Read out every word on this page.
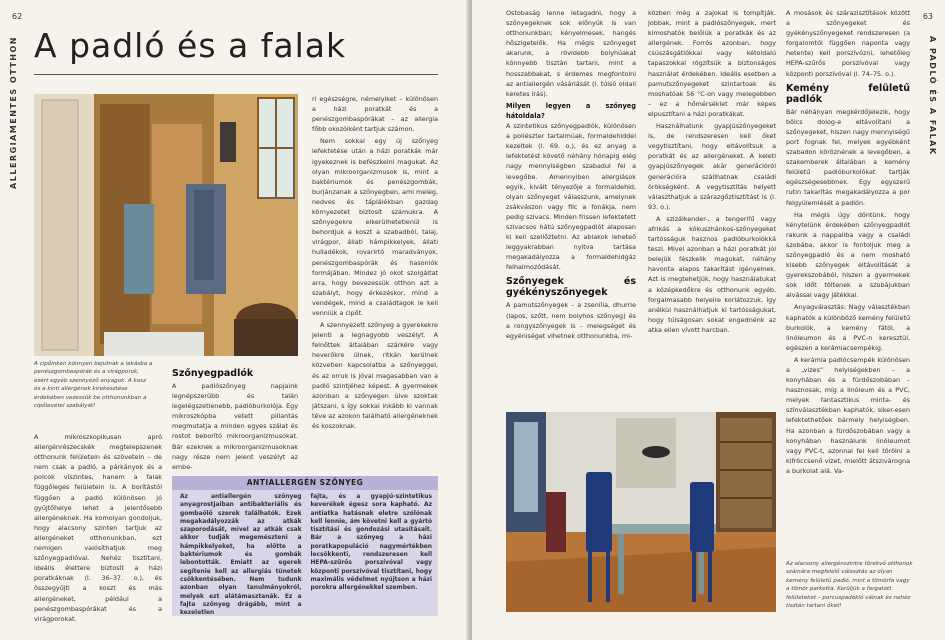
62
ALLERGIAMENTES OTTHON A padló és a falak
A cipőinken könnyen bejutnak a lakásba a penészgombaspórák és a virágporok, ezért egyéb szennyező anyagok. A kosz és a kinti allergének kirekesztése érdekében vezessük be otthonunkban a cipőlevétel szabályát!

A mikroszkopikusan apró allergénrészecskék megtelepszenek otthonunk felületein és szövetein – de nem csak a padló, a párkányok és a polcok víszintes, hanem a falak függőleges felületein is. A borítástól függően a padló különösen jó gyűjtőhelye lehet a jelentősebb allergéneknek. Ha komolyan gondoljuk, hogy alacsony szinten tartjuk az allergéneket otthonunkban, ezt nemigen valósíthatjuk meg szőnyegpadlóval. Nehéz tisztítani, ideális élettere biztosít a házi poratkáknak (l. 36–37. o.), és összegyűjti a koszt és más allergéneket, például a penészgombaspórákat és a virágporokat.

Szőnyegpadlók

A padlószőnyeg napjaink legnépszerűbb és talán legelégszetlenebb, padlóburkolója. Egy mikroszkópba vetett pillantás megmutatja a minden egyes szálat és rostot beborító mikroorganizmusokat. Bár ezeknek a mikroorganizmusoknak nagy része nem jelent veszélyt az embe-

ri egészségre, némelyiket – különösen a házi poratkát és a penészgombaspórákat – az allergia főbb okozóiként tartjuk számon.

Nem sokkal egy új szőnyeg lefektetése után a házi poratkák már igyekeznek is befészkelni magukat. Az olyan mikroorganizmusok is, mint a baktériumok és penészgombák, burjánzanak a szőnyegben, ami meleg, nedves és táplálékban gazdag környezetet biztosít számukra. A szőnyegekre elkerülhetetlenül is behordjuk a koszt a szabadból, talaj, virágpor, állati hámpikkelyek, állati hulladékok, rovarirtó maradványok, penészgombaspórák és hasonlók formájában. Mindez jó okot szolgáltat arra, hogy bevezessük otthon azt a szabályt, hogy érkezéskor, mind a vendégek, mind a családtagok le kell venniük a cipőt.

A szennyezett szőnyeg a gyerekekre jelenti a legnagyobb veszélyt. A felnőttek általában szárkére vagy heverőkre ülnek, ritkán kerülnek közvetlen kapcsolatba a szőnyeggel, és az orruk is jóval magasabban van a padló szintjéhez képest. A gyermekek azonban a szőnyegen ülve szoktak játszani, s így sokkal inkább ki vannak téve az azokon található allergéneknek és koszoknak.

ANTIALLERGÉN SZŐNYEG
Az antiallergén szőnyeg anyagrostjaiban antibakteriális és gombaölő szerek találhatók. Ezek megakadályozzák az atkák szaporodását, mivel az atkák csak akkor tudják megemészteni a hámpikkelyeket, ha előtte a baktériumok és gombák lebontották. Emiatt az egerek segítenie kell az allergiás tünetek csökkentésében. Nem tudunk azonban olyan tanulmányokról, melyek ezt alátámasztanák. Ez a fajta szőnyeg drágább, mint a kezeletlen
fajta, és a gyapjú-szintetikus keverékek égesz sora kapható. Az antiatka hatásnak eletre szólónak kell lennie, ám követni kell a gyártó tisztítási és gondozási utasításait. Bár a szőnyeg a házi poratkapopuláció nagymértékben lecsökkenti, rendszeresen kell HEPA-szűrős porszívóval vagy központi porszívóval tisztítani, hogy maximális védelmet nyújtson a házi porokra allergénekkel szemben.
63
A PADLÓ ÉS A FALAK

Ostobaság lenne letagadni, hogy a szőnyegeknek sok előnyük is van otthonunkban; kényelmesek, hangés hőszigetelők. Ha mégis szőnyeget akarunk, a rövidebb bolyhúakat könnyebb tisztán tartani, mint a hosszabbakat, s érdemes megfontolni az antiallergén vásárlását (l. túlsó oldali keretes írás).

Milyen legyen a szőnyeg hátoldala?

A szintetikus szőnyegpadlók, különösen a poliészter tartalmúak, formaldehiddel kezeltek (l. 69. o.), és ez anyag a lefektetést követő néhány hónapig elég nagy mennyiségben szabadul fel a levegőbe. Amennyiben allergiások egyik, kivált tényezője a formaldehid, olyan szőnyeget válasszunk, amelynek zsákvászon vagy filc a fonákja, nem pedig szivacs. Minden frissen lefektetett szivacsos hátú szőnyegpadlót alaposan ki kell szellőztetni. Az ablakok leheteő leggyakrabban nyitva tartása megakadályozza a formaldehidgáz felhalmozódását.

Szőnyegek és gyékényszőnyegek

A pamutszőnyegek – a zsenília, dhurrie (lapos, szőtt, nem bolyhos szőnyeg) és a rongyszőnyegek is – melegséget és egyéniséget vihetnek otthonunkba, mi-

közben még a zajokat is tompítják. Jobbak, mint a padlószőnyegek, mert kimoshatók belőlük a poratkák és az allergének. Forrós azonban, hogy csúszásgátlókkal vagy kétoldalú tapaszokkal rögzítsük a biztonságos használat érdekében. Ideális esetben a pamutszőnyegeket szintartoak és moshatóak 56 °C-on vagy melegebben – ez a hőmérséklet már képes elpusztítani a házi poratkákat.

Használhatunk gyapjúszőnyegeket is, de rendszeresen kell őket vegytisztítani, hogy eltávolítsuk a poratkát és az allergéneket. A keleti gyapjúszőnyegek akár generációról generációra szállhatnak családi örökségként. A vegytisztítás helyett választhatjuk a szárazgőztisztítást is (l. 93. o.).

A szizálkender-, a tengerifű vagy afrikás a kókuszhánkos-szőnyegeket tartósságuk hasznos padlóburkolókká teszi. Mivel azonban a házi poratkát jól belejük fészkelik magukat, néhány havonta alapos takarítást igényelnek. Azt is megtehetjük, hogy használatukat a középkedőkre és otthonunk egyéb, forgalmasabb helyeire korlátozzuk, így anélkül használhatjuk ki tartósságukat, hogy túlságosan sokat engednénk az atka ellen vívott harcban.

A mosások és szárazisztítások között a szőnyegeket és gyékényszőnyegeket rendszeresen (a forgalomtól függően naponta vagy hetente) kell porszívózni, lehetőleg HEPA-szűrős porszívóval vagy központi porszívóval (l. 74–75. o.).

Kemény felületű padlók

Bár néhányan megkérdőjelezik, hogy bölcs dolog-e eltávolítani a szőnyegeket, hiszen nagy mennyiségű port fognak fel, melyek egyébként szabadon köröznének a levegőben, a szakemberek általában a kemény felületű padlóburkolókat tartják egészségesebbnek. Egy egyszerű rutin takarítás megakadályozza a por felgyülemlését a padlón.

Ha mégis úgy döntünk, hogy kénytelünk érdekében szőnyegpadlót rakunk a nappaliba vagy a családi szobába, akkor is fontoljuk meg a szőnyegpadló és a nem mosható kisebb szőnyegek eltávolítását a gyerekszobából, hiszen a gyermekek sok időt töltenek a szobájukban alvással vagy játékkal.

Anyagválasztás: Nagy választékban kaphatók a különböző kemény felületű burkolók, a kemény fától, a linóleumon és a PVC-n keresztül, egészen a kerámiacsempékig.

A kerámia padlócsempék különösen a „vizes” helyiségekben – a konyhában és a fürdőszobában – hasznosak, míg a linóleum és a PVC, melyek fantasztikus minta- és színválasztékban kaphatók, siker-esen lefektethetőek bármely helyiségben. Ha azonban a fürdőszobában vagy a konyhában használunk linóleumot vagy PVC-t, azonnal fel kell törölni a kifröccsenő vizet, mielőtt átszivárogna a burkolat alá. Va-

Az alacsony allergénszintre törekvő otthonok számára megfelelő választás az olyan kemény felületű padló, mint a tömörfa vagy a tömör parketta. Kerüljük a forgatott felületeket – porcuspadékló válnak és nehéz tisztán tartani őket!
